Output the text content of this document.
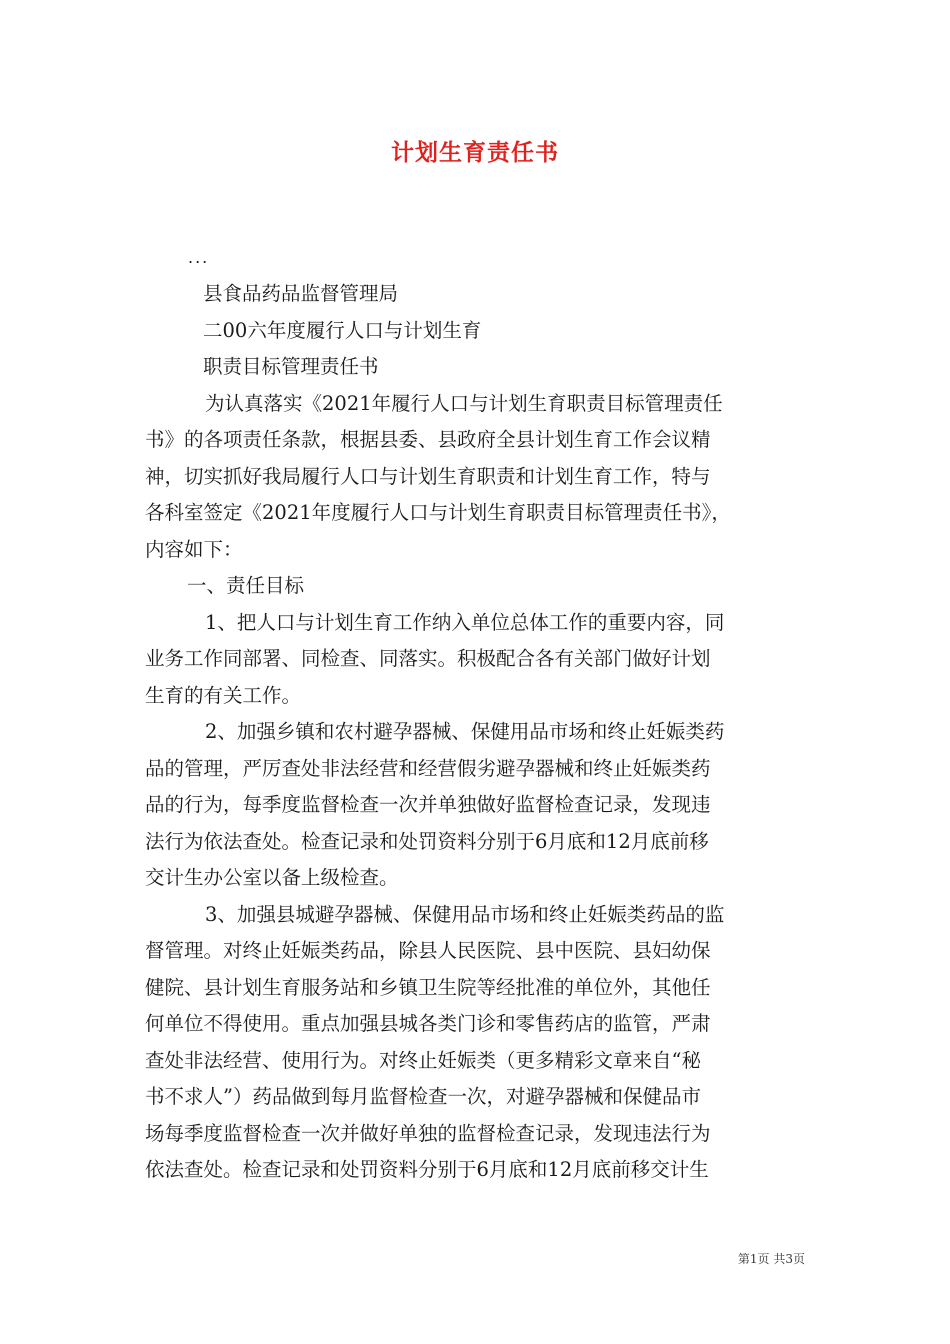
计划生育责任书
...
县食品药品监督管理局
二00六年度履行人口与计划生育
职责目标管理责任书
为认真落实《2021年履行人口与计划生育职责目标管理责任
书》的各项责任条款，根据县委、县政府全县计划生育工作会议精
神，切实抓好我局履行人口与计划生育职责和计划生育工作，特与
各科室签定《2021年度履行人口与计划生育职责目标管理责任书》，
内容如下：
一、责任目标
1、把人口与计划生育工作纳入单位总体工作的重要内容，同
业务工作同部署、同检查、同落实。积极配合各有关部门做好计划
生育的有关工作。
2、加强乡镇和农村避孕器械、保健用品市场和终止妊娠类药
品的管理，严厉查处非法经营和经营假劣避孕器械和终止妊娠类药
品的行为，每季度监督检查一次并单独做好监督检查记录，发现违
法行为依法查处。检查记录和处罚资料分别于6月底和12月底前移
交计生办公室以备上级检查。
3、加强县城避孕器械、保健用品市场和终止妊娠类药品的监
督管理。对终止妊娠类药品，除县人民医院、县中医院、县妇幼保
健院、县计划生育服务站和乡镇卫生院等经批准的单位外，其他任
何单位不得使用。重点加强县城各类门诊和零售药店的监管，严肃
查处非法经营、使用行为。对终止妊娠类（更多精彩文章来自“秘
书不求人”）药品做到每月监督检查一次，对避孕器械和保健品市
场每季度监督检查一次并做好单独的监督检查记录，发现违法行为
依法查处。检查记录和处罚资料分别于6月底和12月底前移交计生
第1页 共3页
